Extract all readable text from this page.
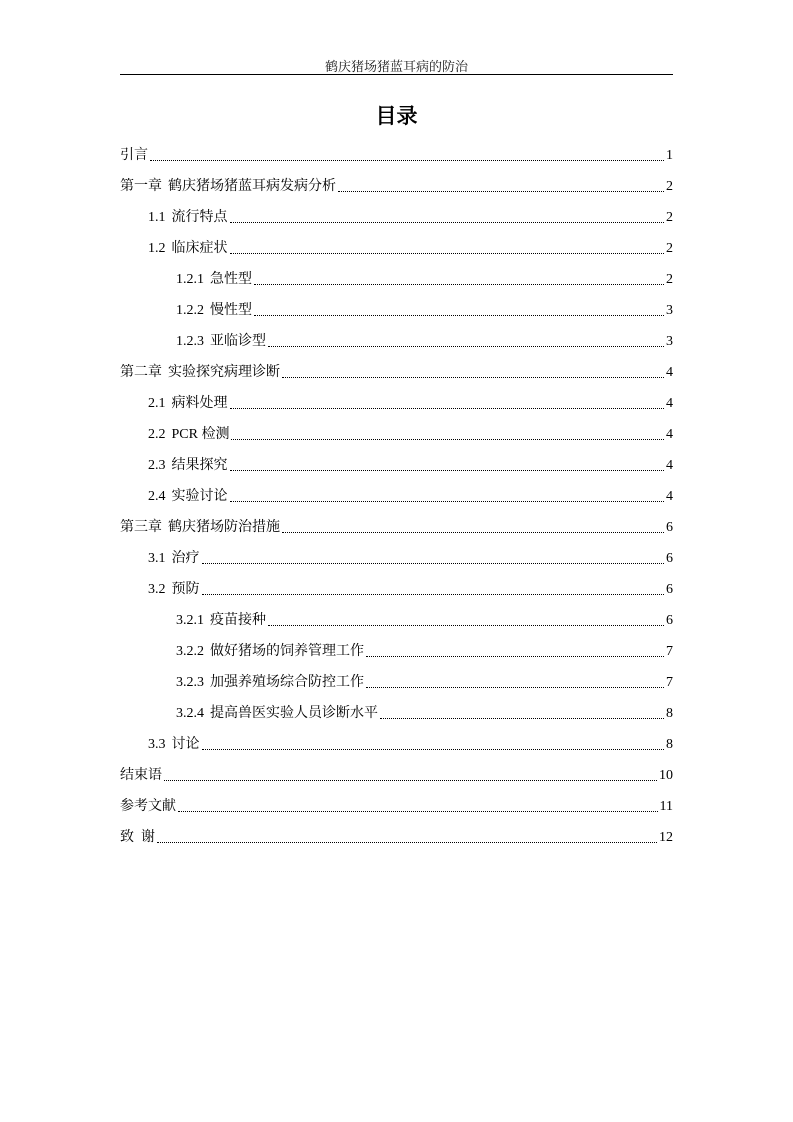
鹤庆猪场猪蓝耳病的防治
目录
引言	1
第一章 鹤庆猪场猪蓝耳病发病分析	2
1.1 流行特点	2
1.2 临床症状	2
1.2.1 急性型	2
1.2.2 慢性型	3
1.2.3 亚临诊型	3
第二章 实验探究病理诊断	4
2.1 病料处理	4
2.2 PCR 检测	4
2.3 结果探究	4
2.4 实验讨论	4
第三章 鹤庆猪场防治措施	6
3.1 治疗	6
3.2 预防	6
3.2.1 疫苗接种	6
3.2.2 做好猪场的饲养管理工作	7
3.2.3 加强养殖场综合防控工作	7
3.2.4 提高兽医实验人员诊断水平	8
3.3 讨论	8
结束语	10
参考文献	11
致  谢	12
